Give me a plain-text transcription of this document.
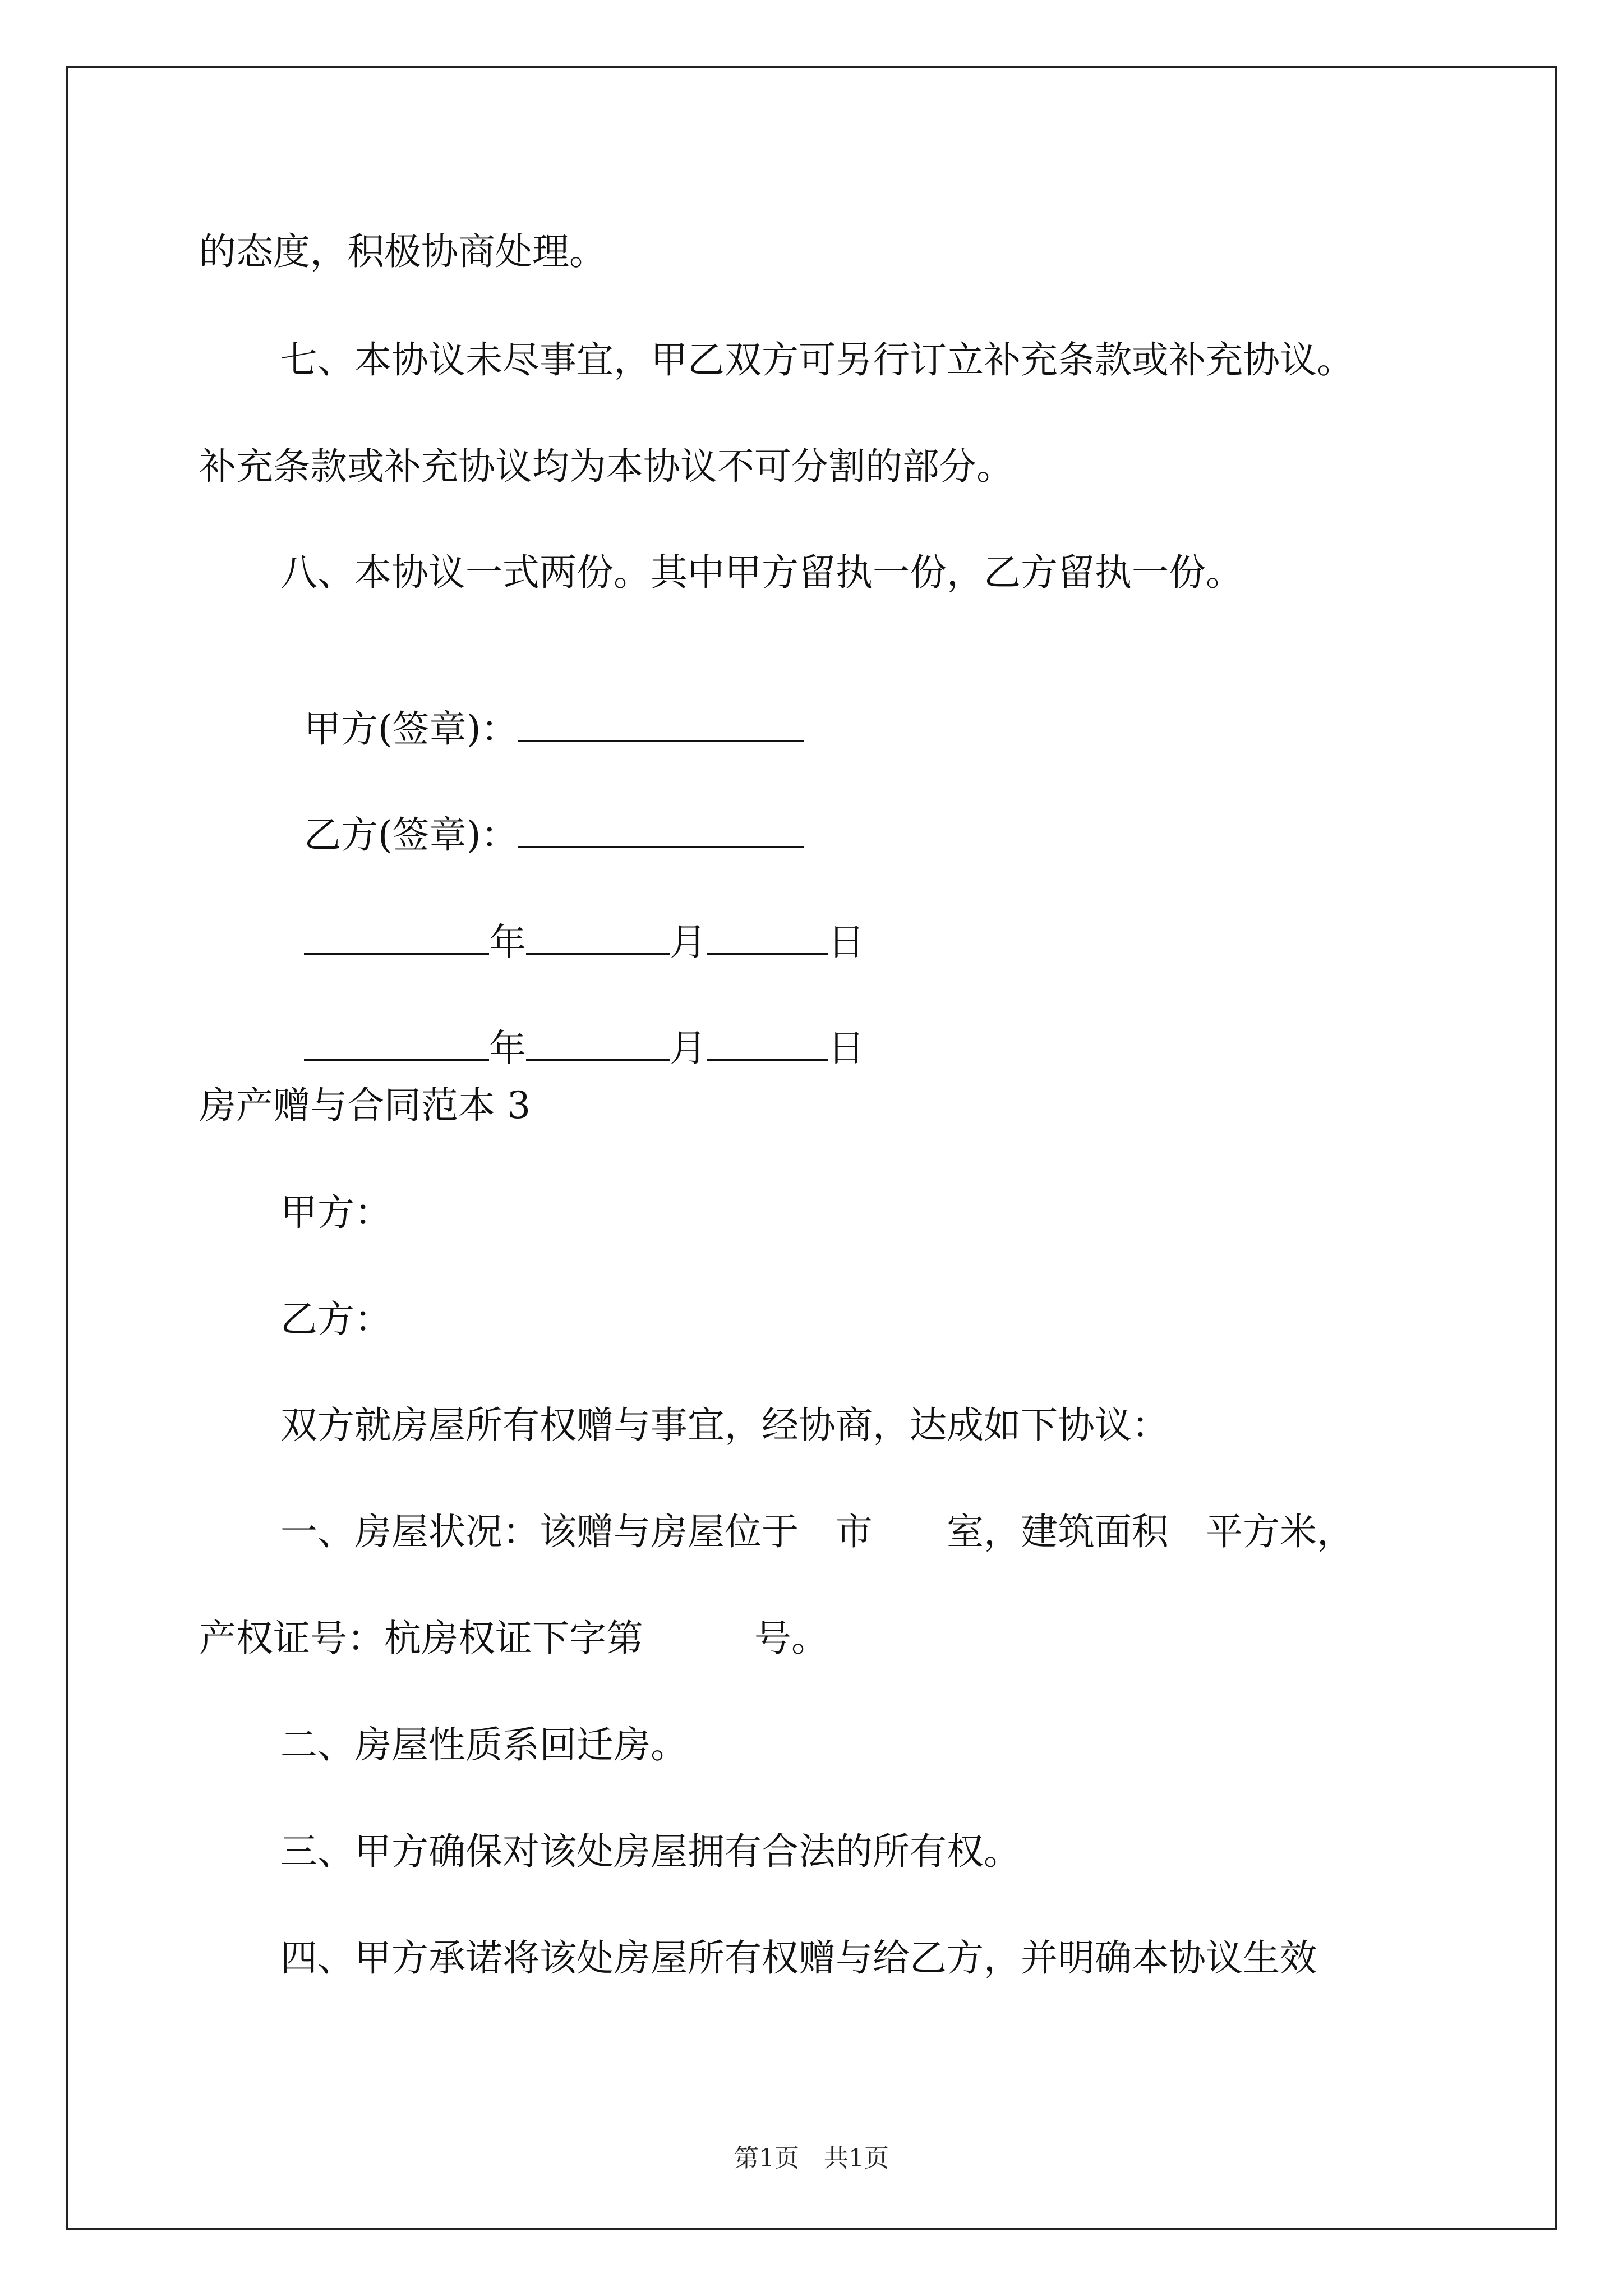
的态度，积极协商处理。

七、本协议未尽事宜，甲乙双方可另行订立补充条款或补充协议。

补充条款或补充协议均为本协议不可分割的部分。

八、本协议一式两份。其中甲方留执一份，乙方留执一份。

甲方(签章)：

乙方(签章)：

年	月	日

年	月	日

房产赠与合同范本 3

甲方：

乙方：

双方就房屋所有权赠与事宜，经协商，达成如下协议：

一、房屋状况：该赠与房屋位于　市　　室，建筑面积　平方米，

产权证号：杭房权证下字第　　　号。

二、房屋性质系回迁房。

三、甲方确保对该处房屋拥有合法的所有权。

四、甲方承诺将该处房屋所有权赠与给乙方，并明确本协议生效

第1页　共1页
